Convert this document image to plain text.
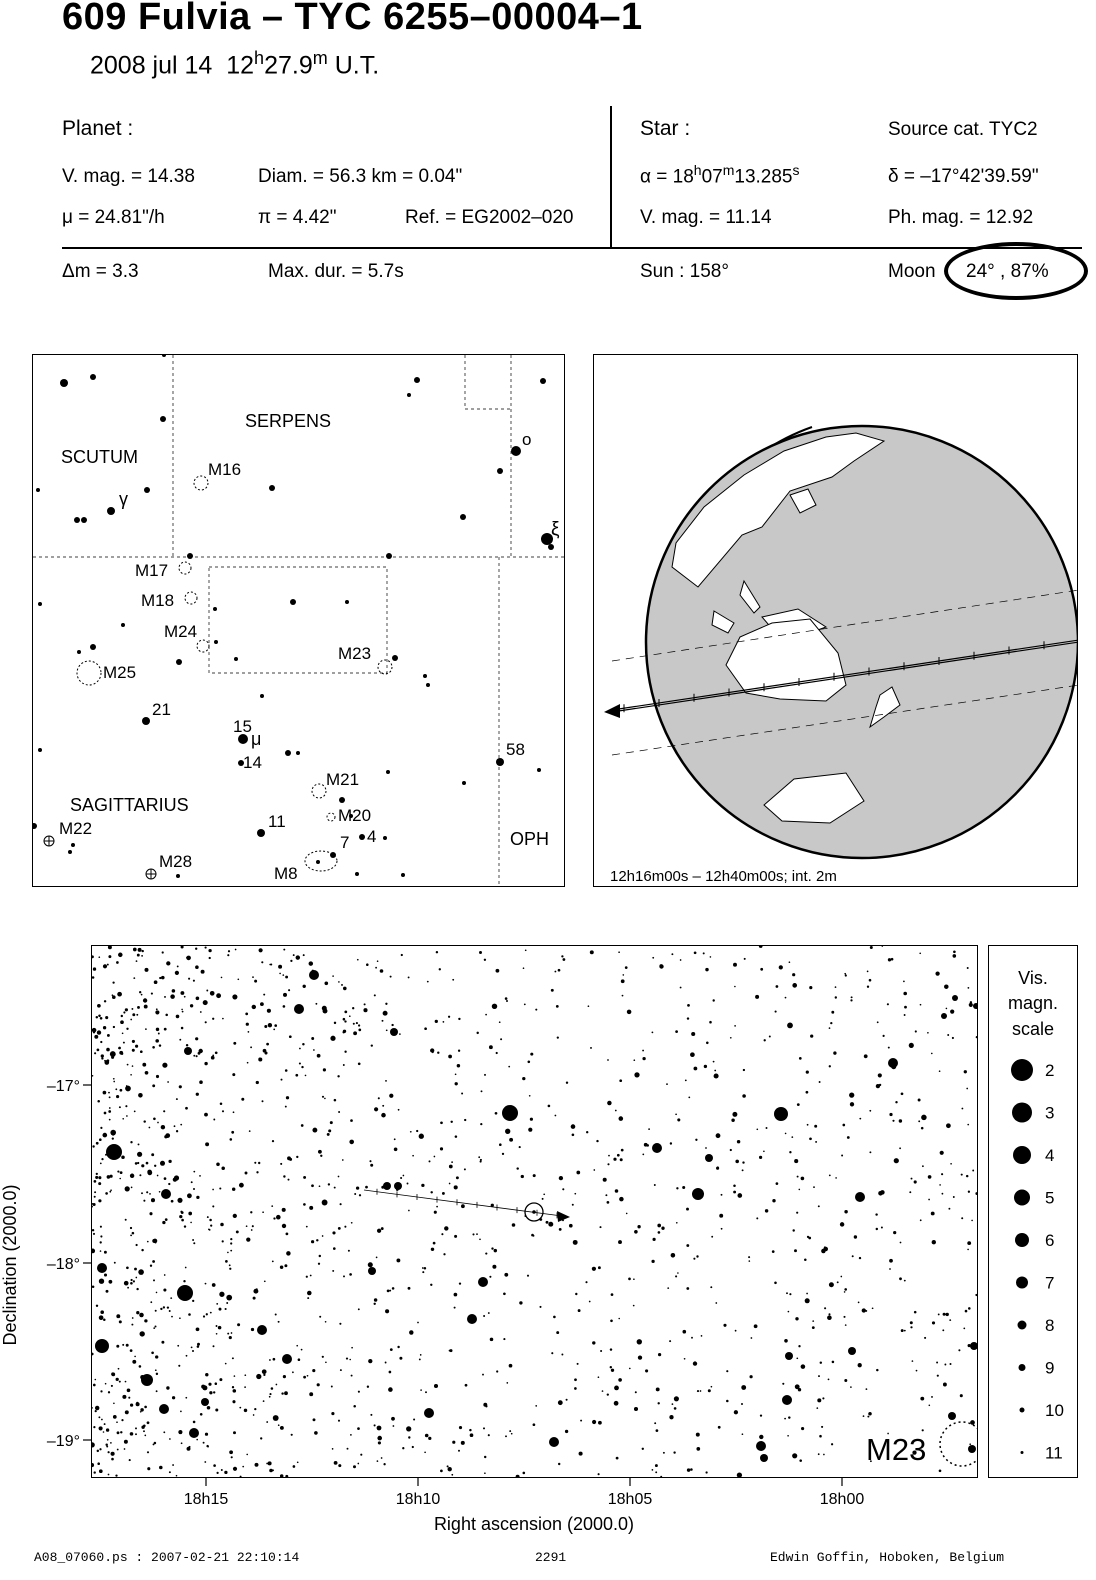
609 Fulvia – TYC 6255–00004–1
2008 jul 14 12$^h$27.9$^m$ U.T.
Planet :
V. mag. = 14.38	Diam. = 56.3 km = 0.04"
μ = 24.81"/h	π = 4.42"	Ref. = EG2002–020
Δm = 3.3	Max. dur. = 5.7s
Star :	Source cat. TYC2
$\alpha = 18^h07^m13.285^s$	δ = –17°42'39.59"
V. mag. = 11.14	Ph. mag. = 12.92
Sun : 158°	Moon 24° , 87%
SERPENS
SCUTUM
SAGITTARIUS
OPH
M16
M17
M18
M24
M25
M23
M21
M20
M22
M28
M8
o
ξ
γ
21
15
μ
14
58
11
7 4
12h16m00s – 12h40m00s; int. 2m
M23
18h15	18h10	18h05	18h00
Right ascension (2000.0)
–17°
–18°
–19°
Declination (2000.0)
Vis.
magn.
scale
2
3
4
5
6
7
8
9
10
11
A08_07060.ps : 2007-02-21 22:10:14	2291	Edwin Goffin, Hoboken, Belgium
